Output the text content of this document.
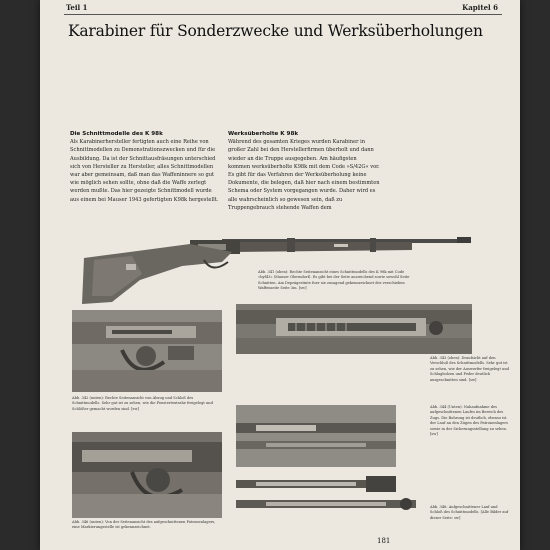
Teil 1	Kapitel 6
Karabiner für Sonderzwecke und Werksüberholungen
Die Schnittmodelle des K 98k

Als Karabinerhersteller fertigten auch eine Reihe von Schnittmodellen zu Demonstrationszwecken und für die Ausbildung. Da ist der Schnittausfräsungen unterschied sich von Hersteller zu Hersteller, alles Schnittmodellen war aber gemeinsam, daß man das Waffeninnere so gut wie möglich sehen sollte, ohne daß die Waffe zerlegt werden mußte. Das hier gezeigte Schnittmodell wurde aus einem bei Mauser 1943 gefertigten K98k hergestellt.

Werksüberholte K 98k

Während des gesamten Krieges wurden Karabiner in großer Zahl bei den Herstellerfirmen überholt und dann wieder an die Truppe ausgegeben. Am häufigsten kommen werksüberholte K98k mit dem Code »S/42G« vor. Es gibt für das Verfahren der Werksüberholung keine Dokumente, die belegen, daß hier nach einem bestimmten Schema oder System vorgegangen wurde. Daher wird es alle wahrscheinlich so gewesen sein, daß zu Truppengebrauch stehende Waffen dem

Abb. 341 (oben): Rechte Seitenansicht eines Schnittmodells des K 98k mit Code »byf43« (Mauser Oberndorf). Es gibt bei der Seite ausreichend sowie sowohl Seite Schnitten. Am Deprägestinte fuer sie zusagend gekennzeichnet des verschieben Waffenseite Seite 3m. [sw]
Abb. 342 (unten): Rechte Seitenansicht von Abzug und Schloß des Schnittmodells. Sehr gut ist zu sehen, wie die Fenstertextrahe freigelegt und Schlößer gemacht worden sind. [sw]
Abb. 343 (oben): Draufsicht auf den Verschluß des Schnittmodells. Sehr gut ist zu sehen, wie der Auswerfer freigelegt und Schlagbolzen und Feder deutlich ausgeschnitten sind. [sw]
Abb. 344 (Unten): Nahaufnahme des aufgeschnittenen Laufes im Bereich des Zugs. Die Bohrung ist deutlich, ebenso ist der Lauf an den Zügen des Patronenlagers sowie in der Sicherungsstellung zu sehen. [sw]
Abb. 346 (unten): Von der Seitenansicht des aufgeschnittenen Patronenlagers, eine Markierungsstelle ist gekennzeichnet.
Abb. 346: Aufgeschnittener Lauf und Schloß des Schnittmodells. [Alle Bilder auf dieser Seite: sw]
181
